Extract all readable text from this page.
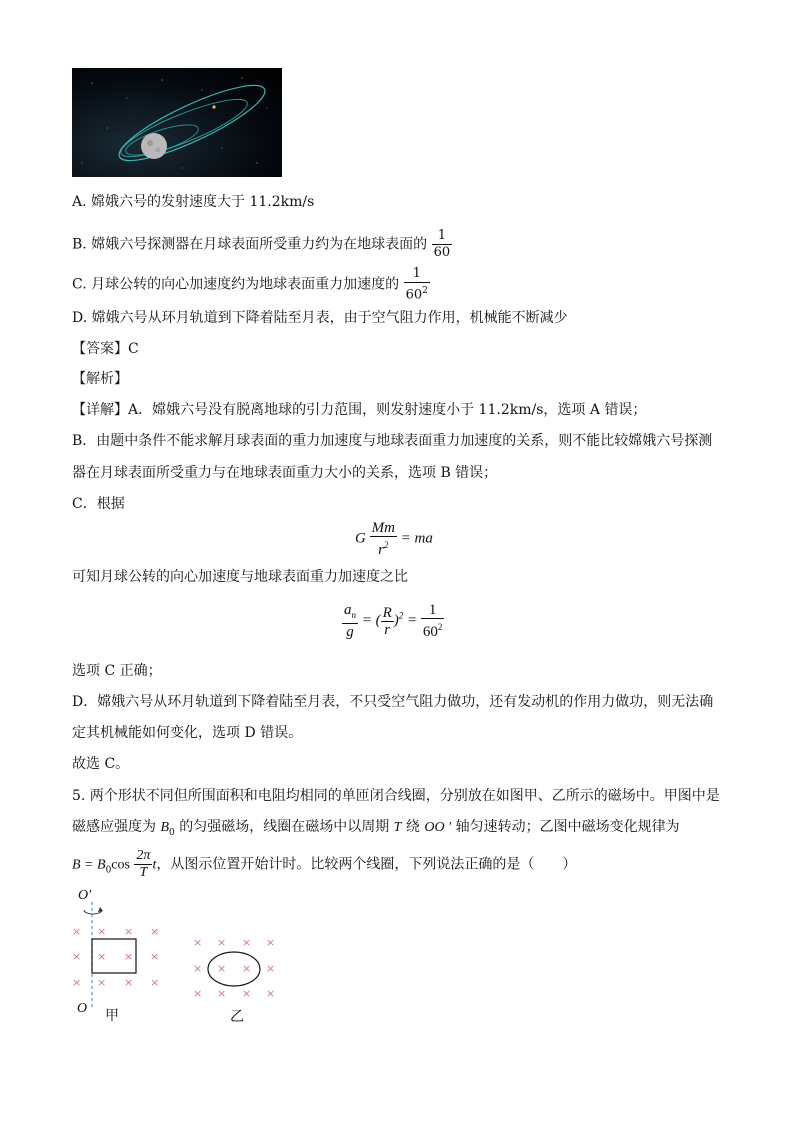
A. 嫦娥六号的发射速度大于 11.2km/s
B. 嫦娥六号探测器在月球表面所受重力约为在地球表面的 $\frac{1}{60}$
C. 月球公转的向心加速度约为地球表面重力加速度的 $\frac{1}{60^2}$
D. 嫦娥六号从环月轨道到下降着陆至月表，由于空气阻力作用，机械能不断减少
【答案】C
【解析】
【详解】A．嫦娥六号没有脱离地球的引力范围，则发射速度小于 11.2km/s，选项 A 错误；
B．由题中条件不能求解月球表面的重力加速度与地球表面重力加速度的关系，则不能比较嫦娥六号探测
器在月球表面所受重力与在地球表面重力大小的关系，选项 B 错误；
C．根据
G $\frac{Mm}{r^2}$ = ma
可知月球公转的向心加速度与地球表面重力加速度之比
$\frac{a_n}{g}$ = ( $\frac{R}{r} )^2 = \frac{1}{60^2}$
选项 C 正确；
D．嫦娥六号从环月轨道到下降着陆至月表，不只受空气阻力做功，还有发动机的作用力做功，则无法确
定其机械能如何变化，选项 D 错误。
故选 C。
5. 两个形状不同但所围面积和电阻均相同的单匝闭合线圈，分别放在如图甲、乙所示的磁场中。甲图中是
磁感应强度为 $B_0$ 的匀强磁场，线圈在磁场中以周期 T 绕 OO ′ 轴匀速转动；乙图中磁场变化规律为
$B = B_0\cos \frac{2\pi}{T}$ t，从图示位置开始计时。比较两个线圈，下列说法正确的是（　　）
O′
× × × ×
× × × ×
× × × ×
O 甲
× × × ×
× × × ×
× × × ×
乙
